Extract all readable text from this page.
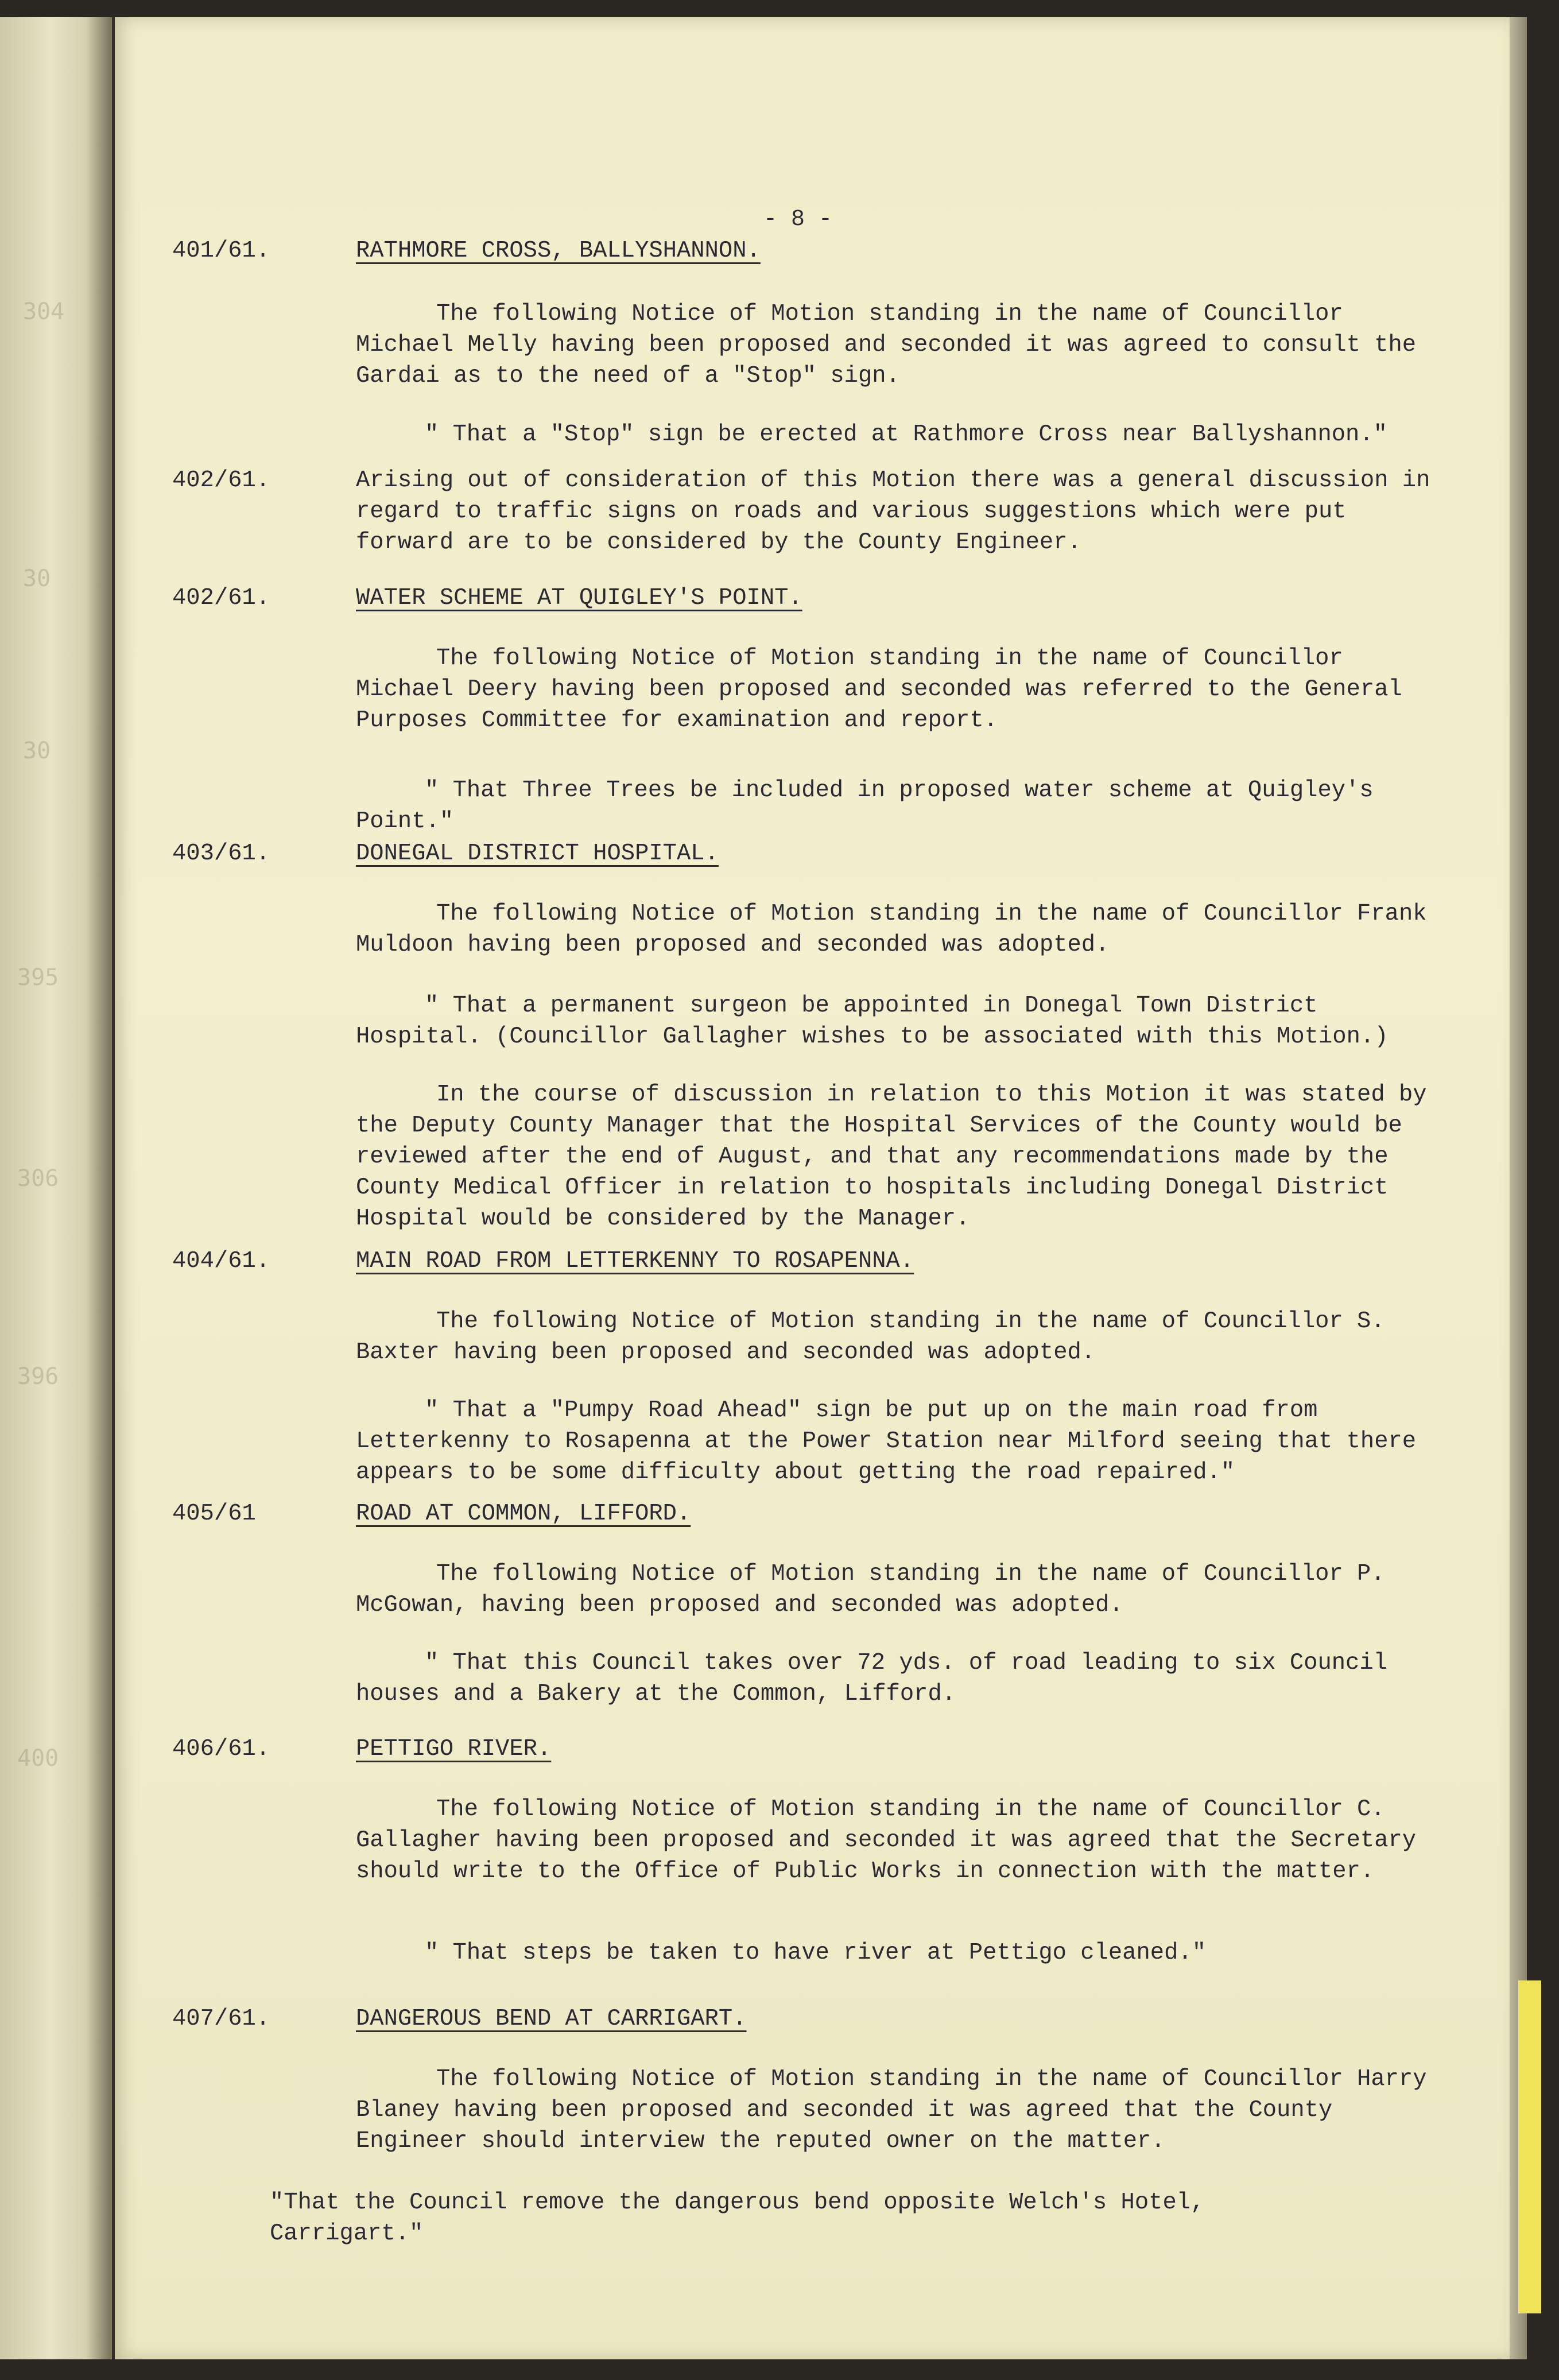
304
30
30
395
306
396
400
- 8 -
401/61.	RATHMORE CROSS, BALLYSHANNON.

The following Notice of Motion standing in the name of Councillor Michael Melly having been proposed and seconded it was agreed to consult the Gardai as to the need of a "Stop" sign.

" That a "Stop" sign be erected at Rathmore Cross near Ballyshannon."

402/61.	Arising out of consideration of this Motion there was a general discussion in regard to traffic signs on roads and various suggestions which were put forward are to be considered by the County Engineer.

402/61.	WATER SCHEME AT QUIGLEY'S POINT.

The following Notice of Motion standing in the name of Councillor Michael Deery having been proposed and seconded was referred to the General Purposes Committee for examination and report.

" That Three Trees be included in proposed water scheme at Quigley's Point."

403/61.	DONEGAL DISTRICT HOSPITAL.

The following Notice of Motion standing in the name of Councillor Frank Muldoon having been proposed and seconded was adopted.

" That a permanent surgeon be appointed in Donegal Town District Hospital. (Councillor Gallagher wishes to be associated with this Motion.)

In the course of discussion in relation to this Motion it was stated by the Deputy County Manager that the Hospital Services of the County would be reviewed after the end of August, and that any recommendations made by the County Medical Officer in relation to hospitals including Donegal District Hospital would be considered by the Manager.

404/61.	MAIN ROAD FROM LETTERKENNY TO ROSAPENNA.

The following Notice of Motion standing in the name of Councillor S. Baxter having been proposed and seconded was adopted.

" That a "Pumpy Road Ahead" sign be put up on the main road from Letterkenny to Rosapenna at the Power Station near Milford seeing that there appears to be some difficulty about getting the road repaired."

405/61	ROAD AT COMMON, LIFFORD.

The following Notice of Motion standing in the name of Councillor P. McGowan, having been proposed and seconded was adopted.

" That this Council takes over 72 yds. of road leading to six Council houses and a Bakery at the Common, Lifford.

406/61.	PETTIGO RIVER.

The following Notice of Motion standing in the name of Councillor C. Gallagher having been proposed and seconded it was agreed that the Secretary should write to the Office of Public Works in connection with the matter.

" That steps be taken to have river at Pettigo cleaned."

407/61.	DANGEROUS BEND AT CARRIGART.

The following Notice of Motion standing in the name of Councillor Harry Blaney having been proposed and seconded it was agreed that the County Engineer should interview the reputed owner on the matter.

"That the Council remove the dangerous bend opposite Welch's Hotel, Carrigart."
